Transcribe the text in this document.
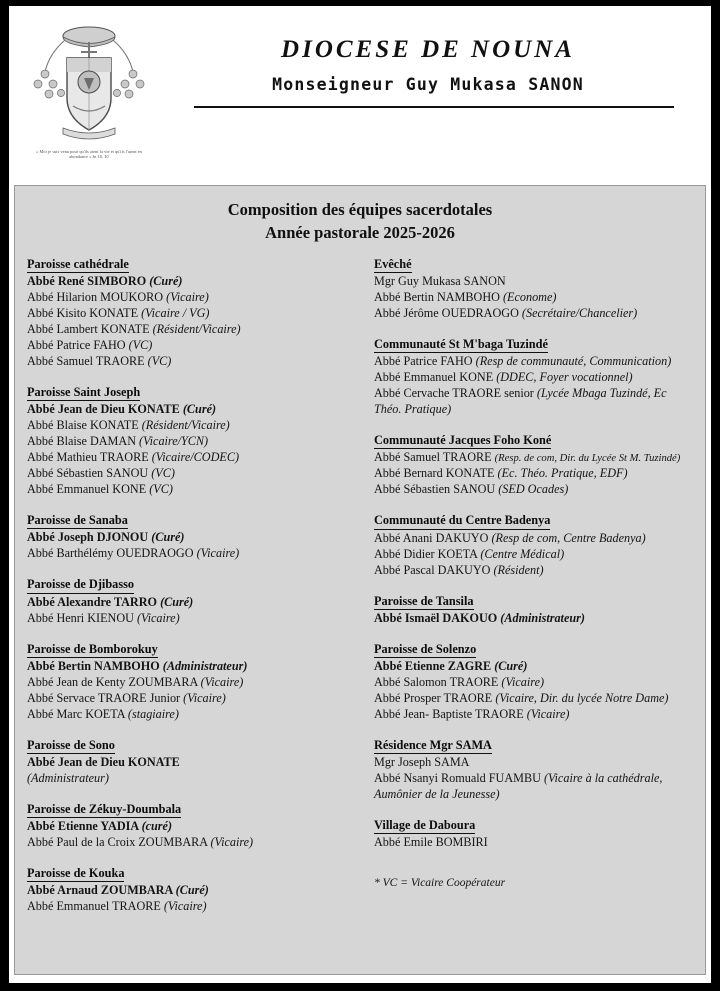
« Moi je suis venu pour qu'ils aient la vie et qu'ils l'aient en abondance » Jn 10, 10
DIOCESE DE NOUNA
Monseigneur Guy Mukasa SANON
Composition des équipes sacerdotales
Année pastorale 2025-2026
Paroisse cathédrale
Abbé René SIMBORO (Curé)
Abbé Hilarion MOUKORO (Vicaire)
Abbé Kisito KONATE (Vicaire / VG)
Abbé Lambert KONATE (Résident/Vicaire)
Abbé Patrice FAHO (VC)
Abbé Samuel TRAORE (VC)
Paroisse Saint Joseph
Abbé Jean de Dieu KONATE (Curé)
Abbé Blaise KONATE (Résident/Vicaire)
Abbé Blaise DAMAN (Vicaire/YCN)
Abbé Mathieu TRAORE (Vicaire/CODEC)
Abbé Sébastien SANOU (VC)
Abbé Emmanuel KONE (VC)
Paroisse de Sanaba
Abbé Joseph DJONOU (Curé)
Abbé Barthélémy OUEDRAOGO (Vicaire)
Paroisse de Djibasso
Abbé Alexandre TARRO (Curé)
Abbé Henri KIENOU (Vicaire)
Paroisse de Bomborokuy
Abbé Bertin NAMBOHO (Administrateur)
Abbé Jean de Kenty ZOUMBARA (Vicaire)
Abbé Servace TRAORE Junior (Vicaire)
Abbé Marc KOETA (stagiaire)
Paroisse de Sono
Abbé Jean de Dieu KONATE
(Administrateur)
Paroisse de Zékuy-Doumbala
Abbé Etienne YADIA (curé)
Abbé Paul de la Croix ZOUMBARA (Vicaire)
Paroisse de Kouka
Abbé Arnaud ZOUMBARA (Curé)
Abbé Emmanuel TRAORE (Vicaire)
Evêché
Mgr Guy Mukasa SANON
Abbé Bertin NAMBOHO (Econome)
Abbé Jérôme OUEDRAOGO (Secrétaire/Chancelier)
Communauté St M'baga Tuzindé
Abbé Patrice FAHO (Resp de communauté, Communication)
Abbé Emmanuel KONE (DDEC, Foyer vocationnel)
Abbé Cervache TRAORE senior (Lycée Mbaga Tuzindé, Ec Théo. Pratique)
Communauté Jacques Foho Koné
Abbé Samuel TRAORE (Resp. de com, Dir. du Lycée St M. Tuzindé)
Abbé Bernard KONATE (Ec. Théo. Pratique, EDF)
Abbé Sébastien SANOU (SED Ocades)
Communauté du Centre Badenya
Abbé Anani DAKUYO (Resp de com, Centre Badenya)
Abbé Didier KOETA (Centre Médical)
Abbé Pascal DAKUYO (Résident)
Paroisse de Tansila
Abbé Ismaël DAKOUO (Administrateur)
Paroisse de Solenzo
Abbé Etienne ZAGRE (Curé)
Abbé Salomon TRAORE (Vicaire)
Abbé Prosper TRAORE (Vicaire, Dir. du lycée Notre Dame)
Abbé Jean- Baptiste TRAORE (Vicaire)
Résidence Mgr SAMA
Mgr Joseph SAMA
Abbé Nsanyi Romuald FUAMBU (Vicaire à la cathédrale, Aumônier de la Jeunesse)
Village de Daboura
Abbé Emile BOMBIRI
* VC = Vicaire Coopérateur
